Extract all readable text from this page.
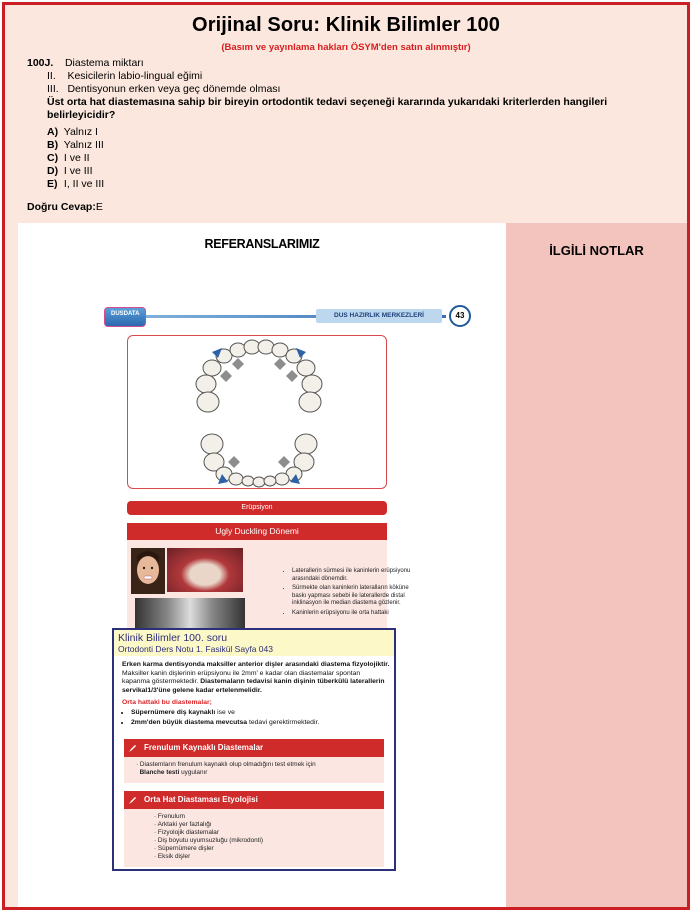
Orijinal Soru: Klinik Bilimler 100
(Basım ve yayınlama hakları ÖSYM'den satın alınmıştır)
100J. Diastema miktarı
II. Kesicilerin labio-lingual eğimi
III. Dentisyonun erken veya geç dönemde olması
Üst orta hat diastemasına sahip bir bireyin ortodontik tedavi seçeneği kararında yukarıdaki kriterlerden hangileri
belirleyicidir?
A) Yalnız I
B) Yalnız III
C) I ve II
D) I ve III
E) I, II ve III
Doğru Cevap:E
REFERANSLARIMIZ
DUSDATA	DUS HAZIRLIK MERKEZLERİ	43
Erüpsiyon
Ugly Duckling Dönemi
• Laterallerin sürmesi ile kaninlerin erüpsiyonu arasındaki dönemdir.
• Sürmekte olan kaninlerin lateralların köküne baskı yapması sebebi ile laterallerde distal inklinasyon ile median diastema gözlenir.
• Kaninlerin erüpsiyonu ile orta hattaki
Klinik Bilimler 100. soru
Ortodonti Ders Notu 1. Fasikül Sayfa 043
Erken karma dentisyonda maksiller anterior dişler arasındaki diastema fizyolojiktir. Maksiller kanin dişlerinin erüpsiyonu ile 2mm' e kadar olan diastemalar spontan kapanma göstermektedir. Diastemaların tedavisi kanin dişinin tüberkülü laterallerin servikal1/3'üne gelene kadar ertelenmelidir.
Orta hattaki bu diastemalar;
• Süpernümere diş kaynaklı ise ve
• 2mm'den büyük diastema mevcutsa tedavi gerektirmektedir.
Frenulum Kaynaklı Diastemalar
· Diastemların frenulum kaynaklı olup olmadığını test etmek için
Blanche testi uygulanır
Orta Hat Diastaması Etyolojisi
· Frenulum
· Arktaki yer fazlalığı
· Fizyolojik diastemalar
· Diş boyutu uyumsuzluğu (mikrodonti)
· Süpernümere dişler
· Eksik dişler
İLGİLİ NOTLAR
